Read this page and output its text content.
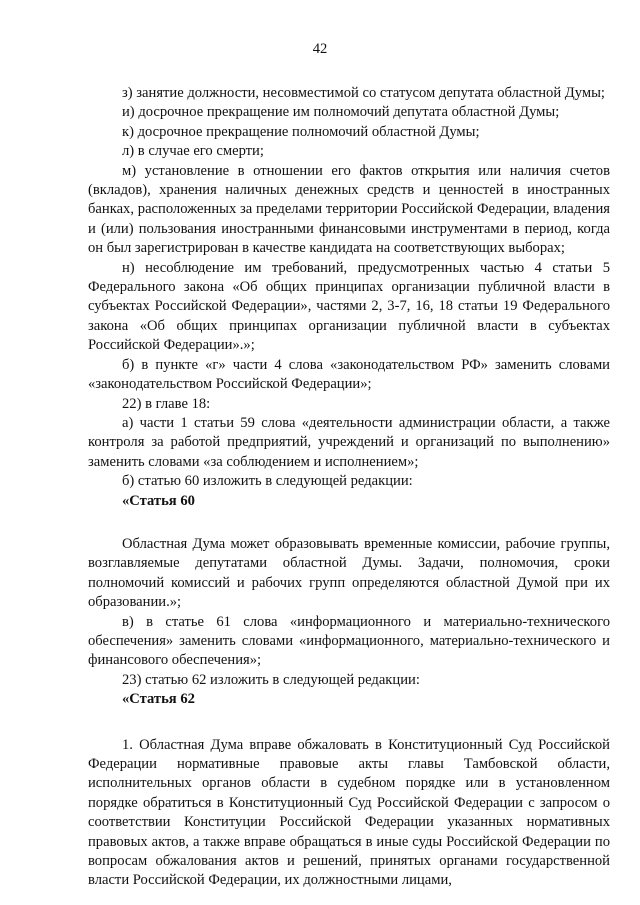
42

з) занятие должности, несовместимой со статусом депутата областной Думы;

и) досрочное прекращение им полномочий депутата областной Думы;

к) досрочное прекращение полномочий областной Думы;

л) в случае его смерти;

м) установление в отношении его фактов открытия или наличия счетов (вкладов), хранения наличных денежных средств и ценностей в иностранных банках, расположенных за пределами территории Российской Федерации, владения и (или) пользования иностранными финансовыми инструментами в период, когда он был зарегистрирован в качестве кандидата на соответствующих выборах;

н) несоблюдение им требований, предусмотренных частью 4 статьи 5 Федерального закона «Об общих принципах организации публичной власти в субъектах Российской Федерации», частями 2, 3-7, 16, 18 статьи 19 Федерального закона «Об общих принципах организации публичной власти в субъектах Российской Федерации».»;

б) в пункте «г» части 4 слова «законодательством РФ» заменить словами «законодательством Российской Федерации»;

22) в главе 18:

а) части 1 статьи 59 слова «деятельности администрации области, а также контроля за работой предприятий, учреждений и организаций по выполнению» заменить словами «за соблюдением и исполнением»;

б) статью 60 изложить в следующей редакции:

«Статья 60

Областная Дума может образовывать временные комиссии, рабочие группы, возглавляемые депутатами областной Думы. Задачи, полномочия, сроки полномочий комиссий и рабочих групп определяются областной Думой при их образовании.»;

в) в статье 61 слова «информационного и материально-технического обеспечения» заменить словами «информационного, материально-технического и финансового обеспечения»;

23) статью 62 изложить в следующей редакции:

«Статья 62

1. Областная Дума вправе обжаловать в Конституционный Суд Российской Федерации нормативные правовые акты главы Тамбовской области, исполнительных органов области в судебном порядке или в установленном порядке обратиться в Конституционный Суд Российской Федерации с запросом о соответствии Конституции Российской Федерации указанных нормативных правовых актов, а также вправе обращаться в иные суды Российской Федерации по вопросам обжалования актов и решений, принятых органами государственной власти Российской Федерации, их должностными лицами,
